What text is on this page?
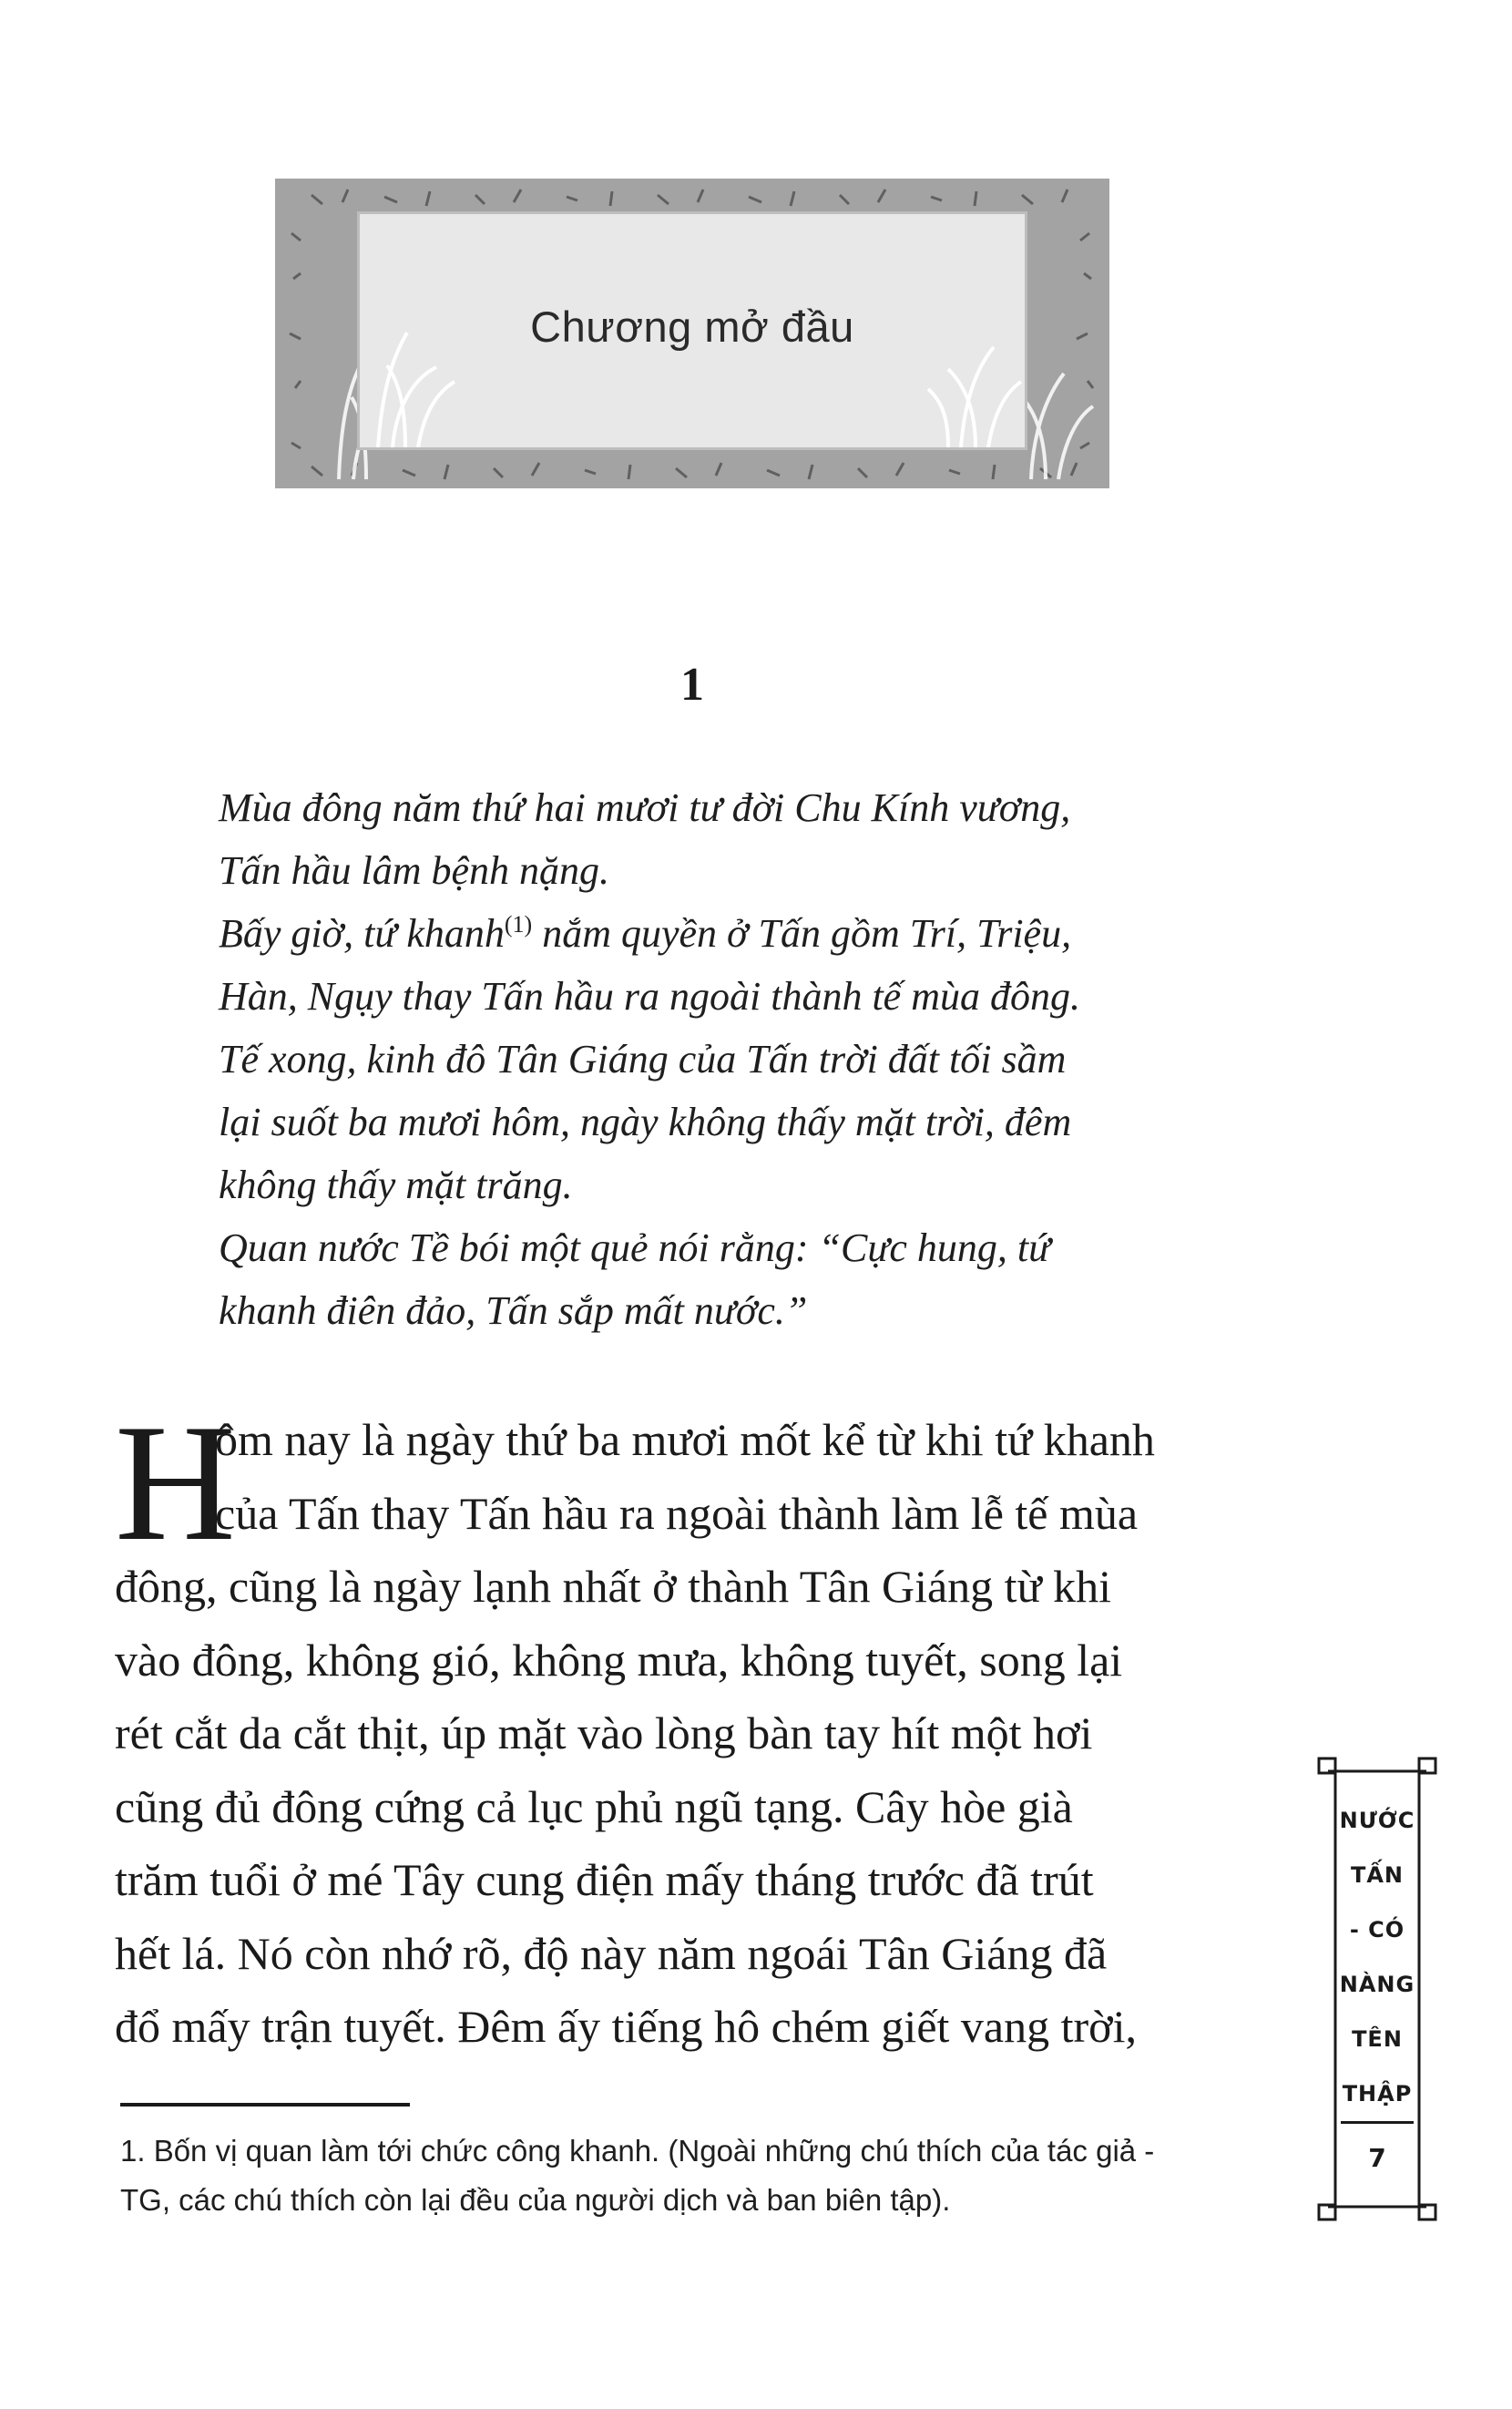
Chương mở đầu
1
Mùa đông năm thứ hai mươi tư đời Chu Kính vương,
Tấn hầu lâm bệnh nặng.
Bấy giờ, tứ khanh$^{(1)}$ nắm quyền ở Tấn gồm Trí, Triệu,
Hàn, Ngụy thay Tấn hầu ra ngoài thành tế mùa đông.
Tế xong, kinh đô Tân Giáng của Tấn trời đất tối sầm
lại suốt ba mươi hôm, ngày không thấy mặt trời, đêm
không thấy mặt trăng.
Quan nước Tề bói một quẻ nói rằng: “Cực hung, tứ
khanh điên đảo, Tấn sắp mất nước.”
H
ôm nay là ngày thứ ba mươi mốt kể từ khi tứ khanh
của Tấn thay Tấn hầu ra ngoài thành làm lễ tế mùa
đông, cũng là ngày lạnh nhất ở thành Tân Giáng từ khi
vào đông, không gió, không mưa, không tuyết, song lại
rét cắt da cắt thịt, úp mặt vào lòng bàn tay hít một hơi
cũng đủ đông cứng cả lục phủ ngũ tạng. Cây hòe già
trăm tuổi ở mé Tây cung điện mấy tháng trước đã trút
hết lá. Nó còn nhớ rõ, độ này năm ngoái Tân Giáng đã
đổ mấy trận tuyết. Đêm ấy tiếng hô chém giết vang trời,
1. Bốn vị quan làm tới chức công khanh. (Ngoài những chú thích của tác giả -
TG, các chú thích còn lại đều của người dịch và ban biên tập).
NƯỚC
TẤN
- CÓ
NÀNG
TÊN
THẬP
7
